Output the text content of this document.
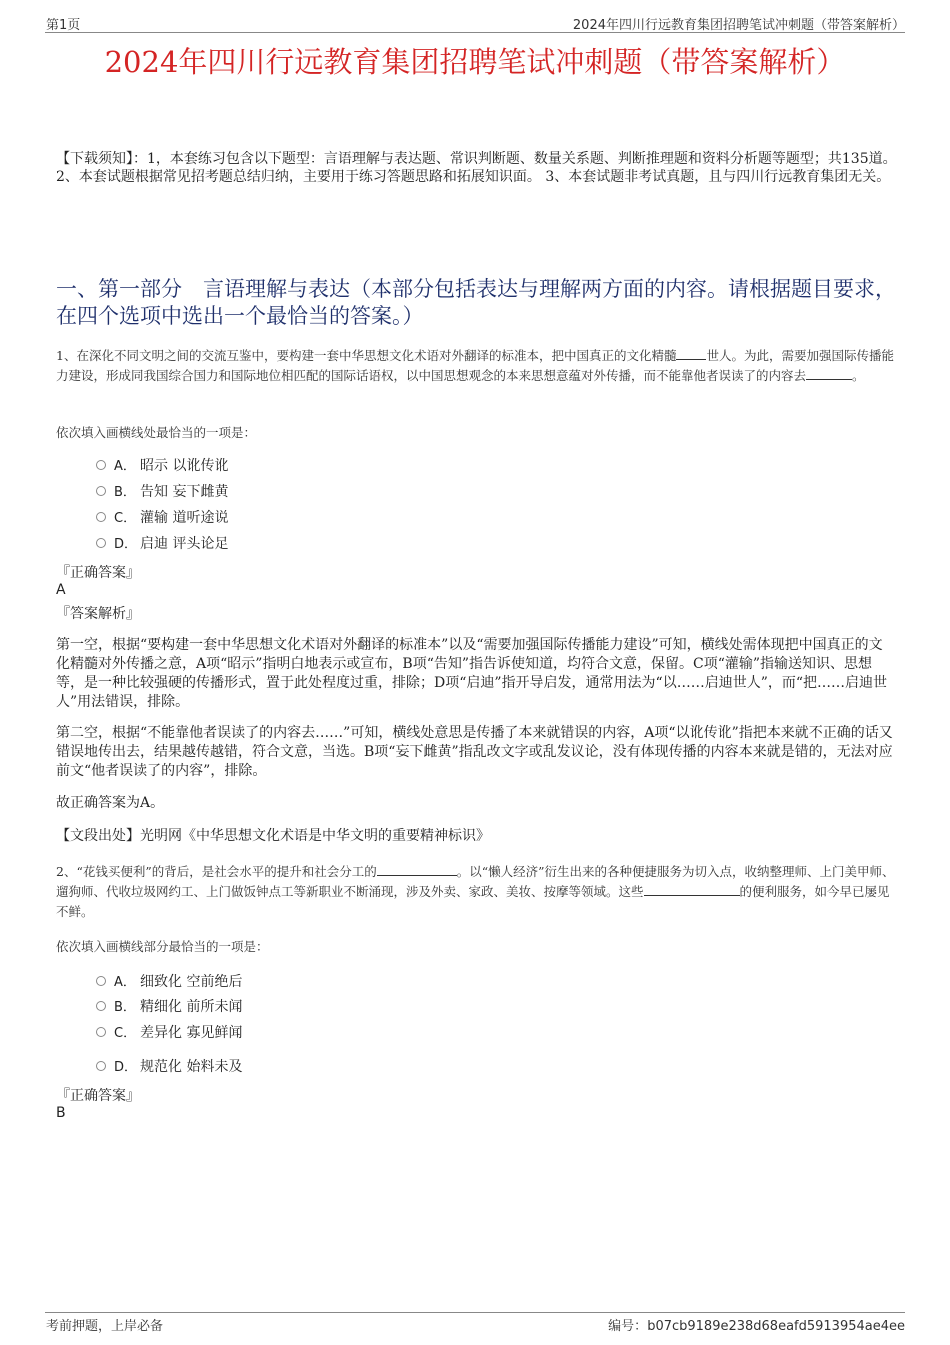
第1页	2024年四川行远教育集团招聘笔试冲刺题（带答案解析）
2024年四川行远教育集团招聘笔试冲刺题（带答案解析）
【下载须知】：1，本套练习包含以下题型：言语理解与表达题、常识判断题、数量关系题、判断推理题和资料分析题等题型；共135道。 2、本套试题根据常见招考题总结归纳，主要用于练习答题思路和拓展知识面。 3、本套试题非考试真题，且与四川行远教育集团无关。
一、第一部分　言语理解与表达（本部分包括表达与理解两方面的内容。请根据题目要求，在四个选项中选出一个最恰当的答案。）
1、在深化不同文明之间的交流互鉴中，要构建一套中华思想文化术语对外翻译的标准本，把中国真正的文化精髓 世人。为此，需要加强国际传播能力建设，形成同我国综合国力和国际地位相匹配的国际话语权，以中国思想观念的本来思想意蕴对外传播，而不能靠他者误读了的内容去	。
依次填入画横线处最恰当的一项是：
A． 昭示 以讹传讹
B． 告知 妄下雌黄
C． 灌输 道听途说
D． 启迪 评头论足
『正确答案』
A
『答案解析』
第一空，根据“要构建一套中华思想文化术语对外翻译的标准本”以及“需要加强国际传播能力建设”可知，横线处需体现把中国真正的文化精髓对外传播之意，A项“昭示”指明白地表示或宣布，B项“告知”指告诉使知道，均符合文意，保留。C项“灌输”指输送知识、思想等，是一种比较强硬的传播形式，置于此处程度过重，排除；D项“启迪”指开导启发，通常用法为“以……启迪世人”，而“把……启迪世人”用法错误，排除。
第二空，根据“不能靠他者误读了的内容去……”可知，横线处意思是传播了本来就错误的内容，A项“以讹传讹”指把本来就不正确的话又错误地传出去，结果越传越错，符合文意，当选。B项“妄下雌黄”指乱改文字或乱发议论，没有体现传播的内容本来就是错的，无法对应前文“他者误读了的内容”，排除。
故正确答案为A。
【文段出处】光明网《中华思想文化术语是中华文明的重要精神标识》
2、“花钱买便利”的背后，是社会水平的提升和社会分工的	。以“懒人经济”衍生出来的各种便捷服务为切入点，收纳整理师、上门美甲师、遛狗师、代收垃圾网约工、上门做饭钟点工等新职业不断涌现，涉及外卖、家政、美妆、按摩等领域。这些	的便利服务，如今早已屡见不鲜。
依次填入画横线部分最恰当的一项是：
A． 细致化 空前绝后
B． 精细化 前所未闻
C． 差异化 寡见鲜闻
D． 规范化 始料未及
『正确答案』
B
考前押题，上岸必备	编号：b07cb9189e238d68eafd5913954ae4ee
